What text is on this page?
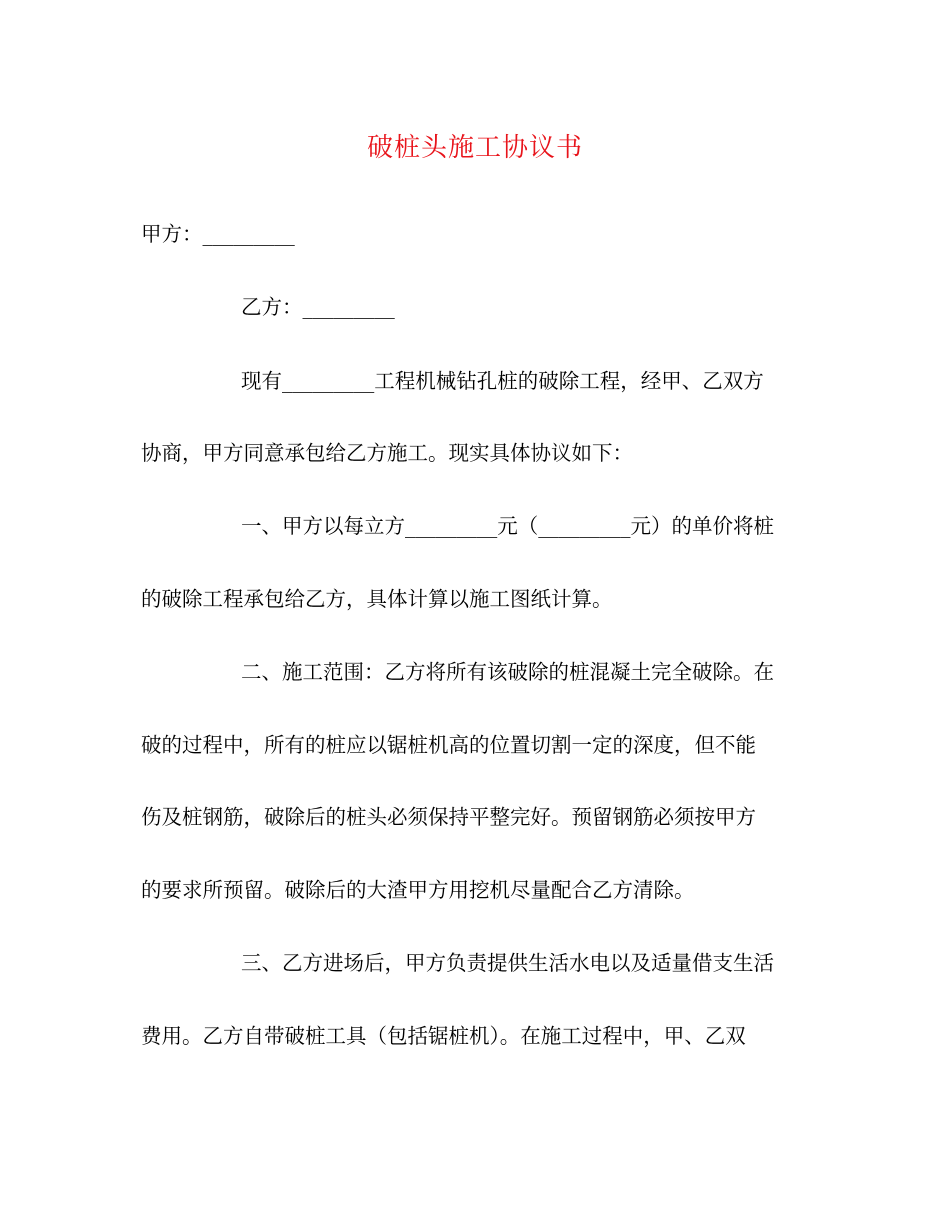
破桩头施工协议书
甲方：_________
乙方：_________
现有_________工程机械钻孔桩的破除工程，经甲、乙双方
协商，甲方同意承包给乙方施工。现实具体协议如下：
一、甲方以每立方_________元（_________元）的单价将桩
的破除工程承包给乙方，具体计算以施工图纸计算。
二、施工范围：乙方将所有该破除的桩混凝土完全破除。在
破的过程中，所有的桩应以锯桩机高的位置切割一定的深度，但不能
伤及桩钢筋，破除后的桩头必须保持平整完好。预留钢筋必须按甲方
的要求所预留。破除后的大渣甲方用挖机尽量配合乙方清除。
三、乙方进场后，甲方负责提供生活水电以及适量借支生活
费用。乙方自带破桩工具（包括锯桩机）。在施工过程中，甲、乙双
